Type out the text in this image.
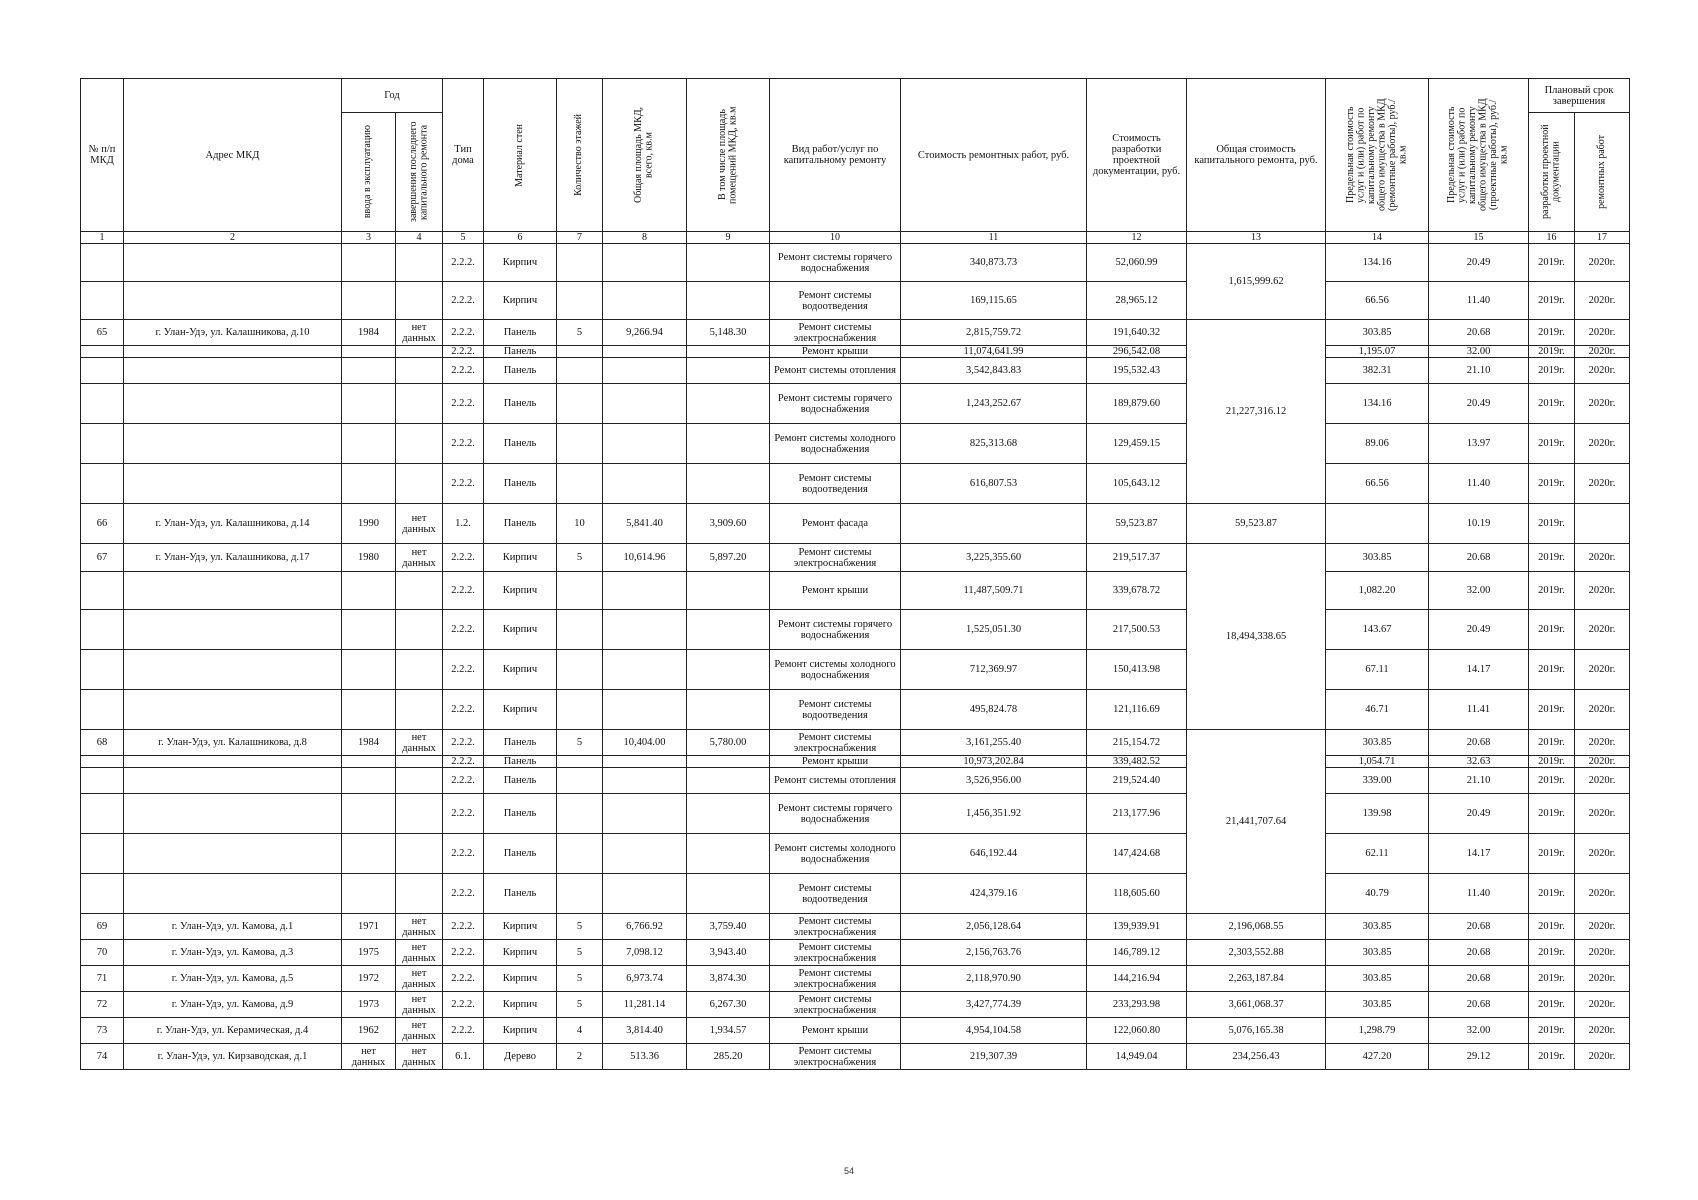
№ п/п МКД	Адрес МКД	Год		Тип дома	Материал стен	Количество этажей	Общая площадь МКД, всего, кв.м	В том числе площадь помещений МКД, кв.м	Вид работ/услуг по капитальному ремонту	Стоимость ремонтных работ, руб.	Стоимость разработки проектной документации, руб.	Общая стоимость капитального ремонта, руб.	Предельная стоимость услуг и (или) работ по капитальному ремонту общего имущества в МКД (ремонтные работы), руб./кв.м	Предельная стоимость услуг и (или) работ по капитальному ремонту общего имущества в МКД (проектные работы), руб./кв.м	Плановый срок завершения	

		ввода в эксплуатацию	завершения последнего капитального ремонта												разработки проектной документации	ремонтных работ

1	2	3	4	5	6	7	8	9	10	11	12	13	14	15	16	17
				2.2.2.	Кирпич				Ремонт системы горячего водоснабжения	340,873.73	52,060.99	1,615,999.62	134.16	20.49	2019г.	2020г.
				2.2.2.	Кирпич				Ремонт системы водоотведения	169,115.65	28,965.12		66.56	11.40	2019г.	2020г.
65	г. Улан-Удэ, ул. Калашникова, д.10	1984	нет данных	2.2.2.	Панель	5	9,266.94	5,148.30	Ремонт системы электроснабжения	2,815,759.72	191,640.32	21,227,316.12	303.85	20.68	2019г.	2020г.
				2.2.2.	Панель				Ремонт крыши	11,074,641.99	296,542.08		1,195.07	32.00	2019г.	2020г.
				2.2.2.	Панель				Ремонт системы отопления	3,542,843.83	195,532.43		382.31	21.10	2019г.	2020г.
				2.2.2.	Панель				Ремонт системы горячего водоснабжения	1,243,252.67	189,879.60		134.16	20.49	2019г.	2020г.
				2.2.2.	Панель				Ремонт системы холодного водоснабжения	825,313.68	129,459.15		89.06	13.97	2019г.	2020г.
				2.2.2.	Панель				Ремонт системы водоотведения	616,807.53	105,643.12		66.56	11.40	2019г.	2020г.
66	г. Улан-Удэ, ул. Калашникова, д.14	1990	нет данных	1.2.	Панель	10	5,841.40	3,909.60	Ремонт фасада		59,523.87	59,523.87		10.19	2019г.	
67	г. Улан-Удэ, ул. Калашникова, д.17	1980	нет данных	2.2.2.	Кирпич	5	10,614.96	5,897.20	Ремонт системы электроснабжения	3,225,355.60	219,517.37	18,494,338.65	303.85	20.68	2019г.	2020г.
				2.2.2.	Кирпич				Ремонт крыши	11,487,509.71	339,678.72		1,082.20	32.00	2019г.	2020г.
				2.2.2.	Кирпич				Ремонт системы горячего водоснабжения	1,525,051.30	217,500.53		143.67	20.49	2019г.	2020г.
				2.2.2.	Кирпич				Ремонт системы холодного водоснабжения	712,369.97	150,413.98		67.11	14.17	2019г.	2020г.
				2.2.2.	Кирпич				Ремонт системы водоотведения	495,824.78	121,116.69		46.71	11.41	2019г.	2020г.
68	г. Улан-Удэ, ул. Калашникова, д.8	1984	нет данных	2.2.2.	Панель	5	10,404.00	5,780.00	Ремонт системы электроснабжения	3,161,255.40	215,154.72	21,441,707.64	303.85	20.68	2019г.	2020г.
				2.2.2.	Панель				Ремонт крыши	10,973,202.84	339,482.52		1,054.71	32.63	2019г.	2020г.
				2.2.2.	Панель				Ремонт системы отопления	3,526,956.00	219,524.40		339.00	21.10	2019г.	2020г.
				2.2.2.	Панель				Ремонт системы горячего водоснабжения	1,456,351.92	213,177.96		139.98	20.49	2019г.	2020г.
				2.2.2.	Панель				Ремонт системы холодного водоснабжения	646,192.44	147,424.68		62.11	14.17	2019г.	2020г.
				2.2.2.	Панель				Ремонт системы водоотведения	424,379.16	118,605.60		40.79	11.40	2019г.	2020г.
69	г. Улан-Удэ, ул. Камова, д.1	1971	нет данных	2.2.2.	Кирпич	5	6,766.92	3,759.40	Ремонт системы электроснабжения	2,056,128.64	139,939.91	2,196,068.55	303.85	20.68	2019г.	2020г.
70	г. Улан-Удэ, ул. Камова, д.3	1975	нет данных	2.2.2.	Кирпич	5	7,098.12	3,943.40	Ремонт системы электроснабжения	2,156,763.76	146,789.12	2,303,552.88	303.85	20.68	2019г.	2020г.
71	г. Улан-Удэ, ул. Камова, д.5	1972	нет данных	2.2.2.	Кирпич	5	6,973.74	3,874.30	Ремонт системы электроснабжения	2,118,970.90	144,216.94	2,263,187.84	303.85	20.68	2019г.	2020г.
72	г. Улан-Удэ, ул. Камова, д.9	1973	нет данных	2.2.2.	Кирпич	5	11,281.14	6,267.30	Ремонт системы электроснабжения	3,427,774.39	233,293.98	3,661,068.37	303.85	20.68	2019г.	2020г.
73	г. Улан-Удэ, ул. Керамическая, д.4	1962	нет данных	2.2.2.	Кирпич	4	3,814.40	1,934.57	Ремонт крыши	4,954,104.58	122,060.80	5,076,165.38	1,298.79	32.00	2019г.	2020г.
74	г. Улан-Удэ, ул. Кирзаводская, д.1	нет данных	нет данных	6.1.	Дерево	2	513.36	285.20	Ремонт системы электроснабжения	219,307.39	14,949.04	234,256.43	427.20	29.12	2019г.	2020г.
54
